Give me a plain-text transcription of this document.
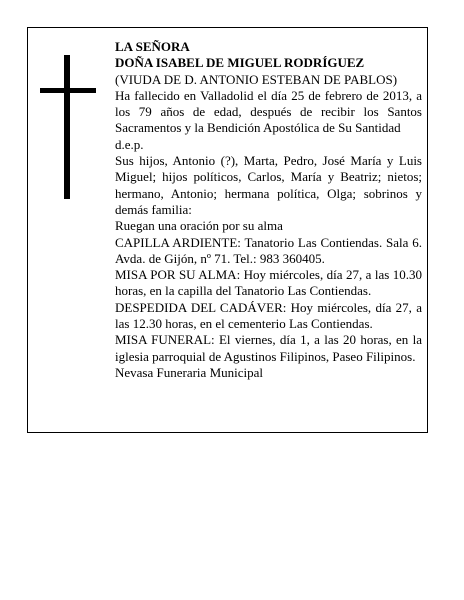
LA SEÑORA

DOÑA ISABEL DE MIGUEL RODRÍGUEZ

(VIUDA DE D. ANTONIO ESTEBAN DE PABLOS)

Ha fallecido en Valladolid el día 25 de febrero de 2013, a los 79 años de edad, después de recibir los Santos Sacramentos y la Bendición Apostólica de Su Santidad

d.e.p.

Sus hijos, Antonio (?), Marta, Pedro, José María y Luis Miguel; hijos políticos, Carlos, María y Beatriz; nietos; hermano, Antonio; hermana política, Olga; sobrinos y demás familia:

Ruegan una oración por su alma

CAPILLA ARDIENTE: Tanatorio Las Contiendas. Sala 6. Avda. de Gijón, nº 71. Tel.: 983 360405.

MISA POR SU ALMA: Hoy miércoles, día 27, a las 10.30 horas, en la capilla del Tanatorio Las Contiendas.

DESPEDIDA DEL CADÁVER: Hoy miércoles, día 27, a las 12.30 horas, en el cementerio Las Contiendas.

MISA FUNERAL: El viernes, día 1, a las 20 horas, en la iglesia parroquial de Agustinos Filipinos, Paseo Filipinos.

Nevasa Funeraria Municipal
